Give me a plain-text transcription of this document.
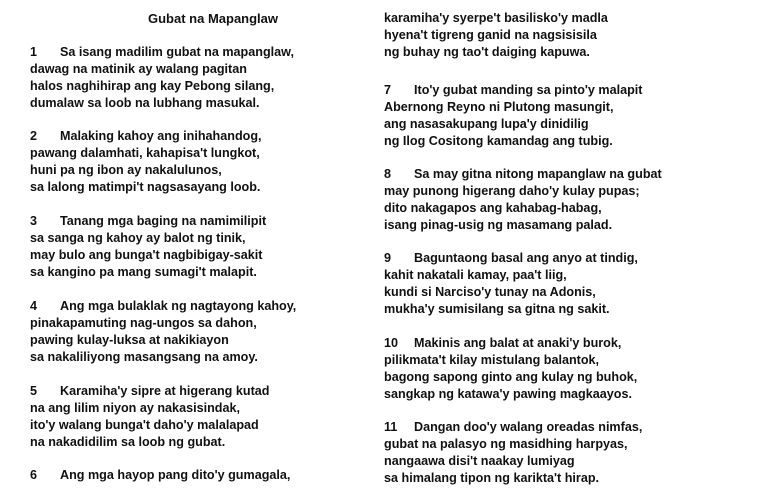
Gubat na Mapanglaw
1 Sa isang madilim gubat na mapanglaw,
dawag na matinik ay walang pagitan
halos naghihirap ang kay Pebong silang,
dumalaw sa loob na lubhang masukal.
2 Malaking kahoy ang inihahandog,
pawang dalamhati, kahapisa't lungkot,
huni pa ng ibon ay nakalulunos,
sa lalong matimpi't nagsasayang loob.
3 Tanang mga baging na namimilipit
sa sanga ng kahoy ay balot ng tinik,
may bulo ang bunga't nagbibigay-sakit
sa kangino pa mang sumagi't malapit.
4 Ang mga bulaklak ng nagtayong kahoy,
pinakapamuting nag-ungos sa dahon,
pawing kulay-luksa at nakikiayon
sa nakaliliyong masangsang na amoy.
5 Karamiha'y sipre at higerang kutad
na ang lilim niyon ay nakasisindak,
ito'y walang bunga't daho'y malalapad
na nakadidilim sa loob ng gubat.
6 Ang mga hayop pang dito'y gumagala,
karamiha'y syerpe't basilisko'y madla
hyena't tigreng ganid na nagsisisila
ng buhay ng tao't daiging kapuwa.
7 Ito'y gubat manding sa pinto'y malapit
Abernong Reyno ni Plutong masungit,
ang nasasakupang lupa'y dinidilig
ng Ilog Cositong kamandag ang tubig.
8 Sa may gitna nitong mapanglaw na gubat
may punong higerang daho'y kulay pupas;
dito nakagapos ang kahabag-habag,
isang pinag-usig ng masamang palad.
9 Baguntaong basal ang anyo at tindig,
kahit nakatali kamay, paa't liig,
kundi si Narciso'y tunay na Adonis,
mukha'y sumisilang sa gitna ng sakit.
10 Makinis ang balat at anaki'y burok,
pilikmata't kilay mistulang balantok,
bagong sapong ginto ang kulay ng buhok,
sangkap ng katawa'y pawing magkaayos.
11 Dangan doo'y walang oreadas nimfas,
gubat na palasyo ng masidhing harpyas,
nangaawa disi't naakay lumiyag
sa himalang tipon ng karikta't hirap.
